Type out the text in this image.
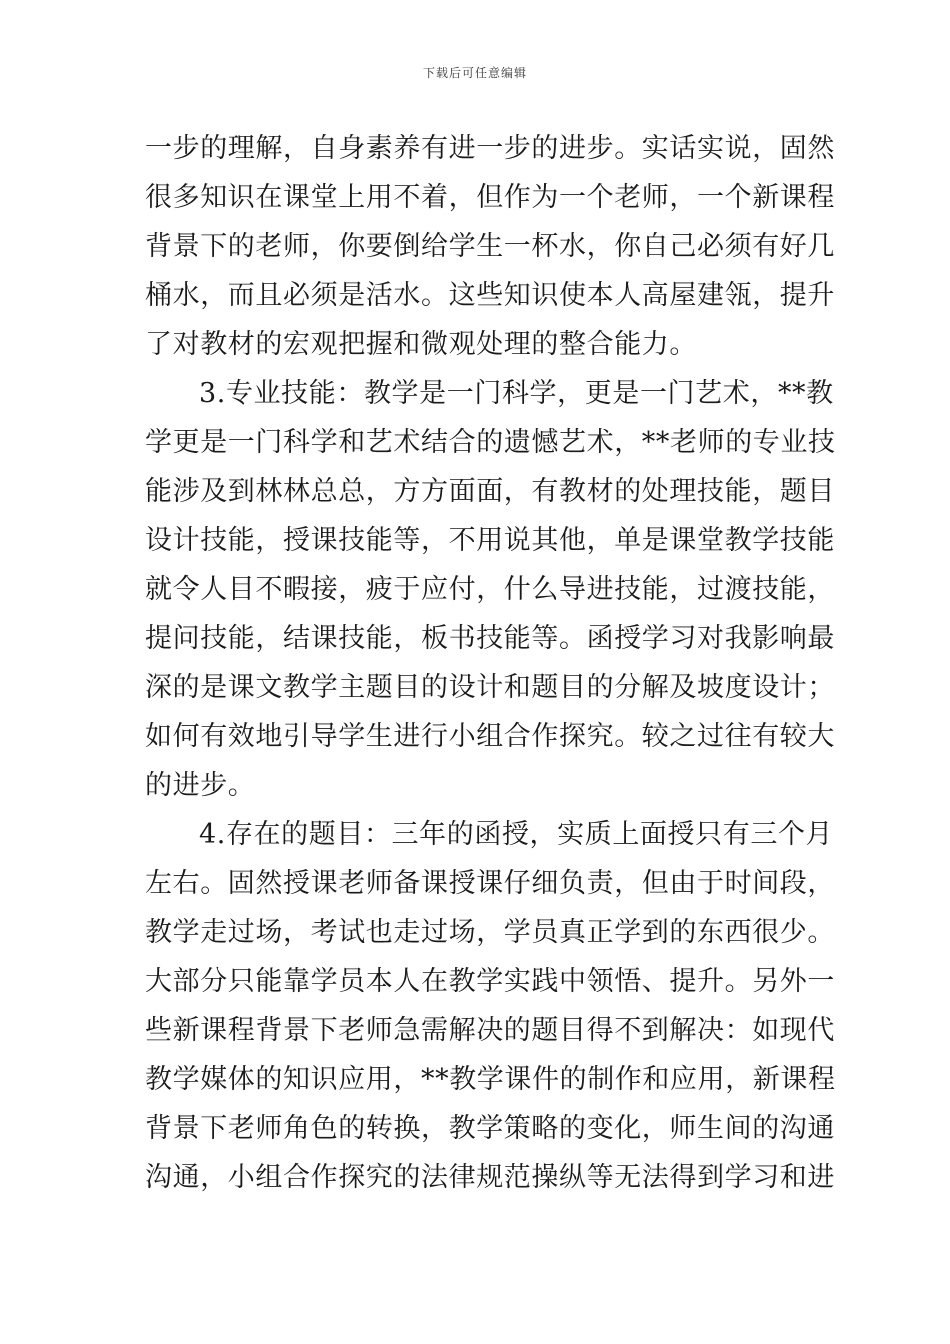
下载后可任意编辑
一步的理解，自身素养有进一步的进步。实话实说，固然
很多知识在课堂上用不着，但作为一个老师，一个新课程
背景下的老师，你要倒给学生一杯水，你自己必须有好几
桶水，而且必须是活水。这些知识使本人高屋建瓴，提升
了对教材的宏观把握和微观处理的整合能力。
3.专业技能：教学是一门科学，更是一门艺术，**教
学更是一门科学和艺术结合的遗憾艺术，**老师的专业技
能涉及到林林总总，方方面面，有教材的处理技能，题目
设计技能，授课技能等，不用说其他，单是课堂教学技能
就令人目不暇接，疲于应付，什么导进技能，过渡技能，
提问技能，结课技能，板书技能等。函授学习对我影响最
深的是课文教学主题目的设计和题目的分解及坡度设计；
如何有效地引导学生进行小组合作探究。较之过往有较大
的进步。
4.存在的题目：三年的函授，实质上面授只有三个月
左右。固然授课老师备课授课仔细负责，但由于时间段，
教学走过场，考试也走过场，学员真正学到的东西很少。
大部分只能靠学员本人在教学实践中领悟、提升。另外一
些新课程背景下老师急需解决的题目得不到解决：如现代
教学媒体的知识应用，**教学课件的制作和应用，新课程
背景下老师角色的转换，教学策略的变化，师生间的沟通
沟通，小组合作探究的法律规范操纵等无法得到学习和进
